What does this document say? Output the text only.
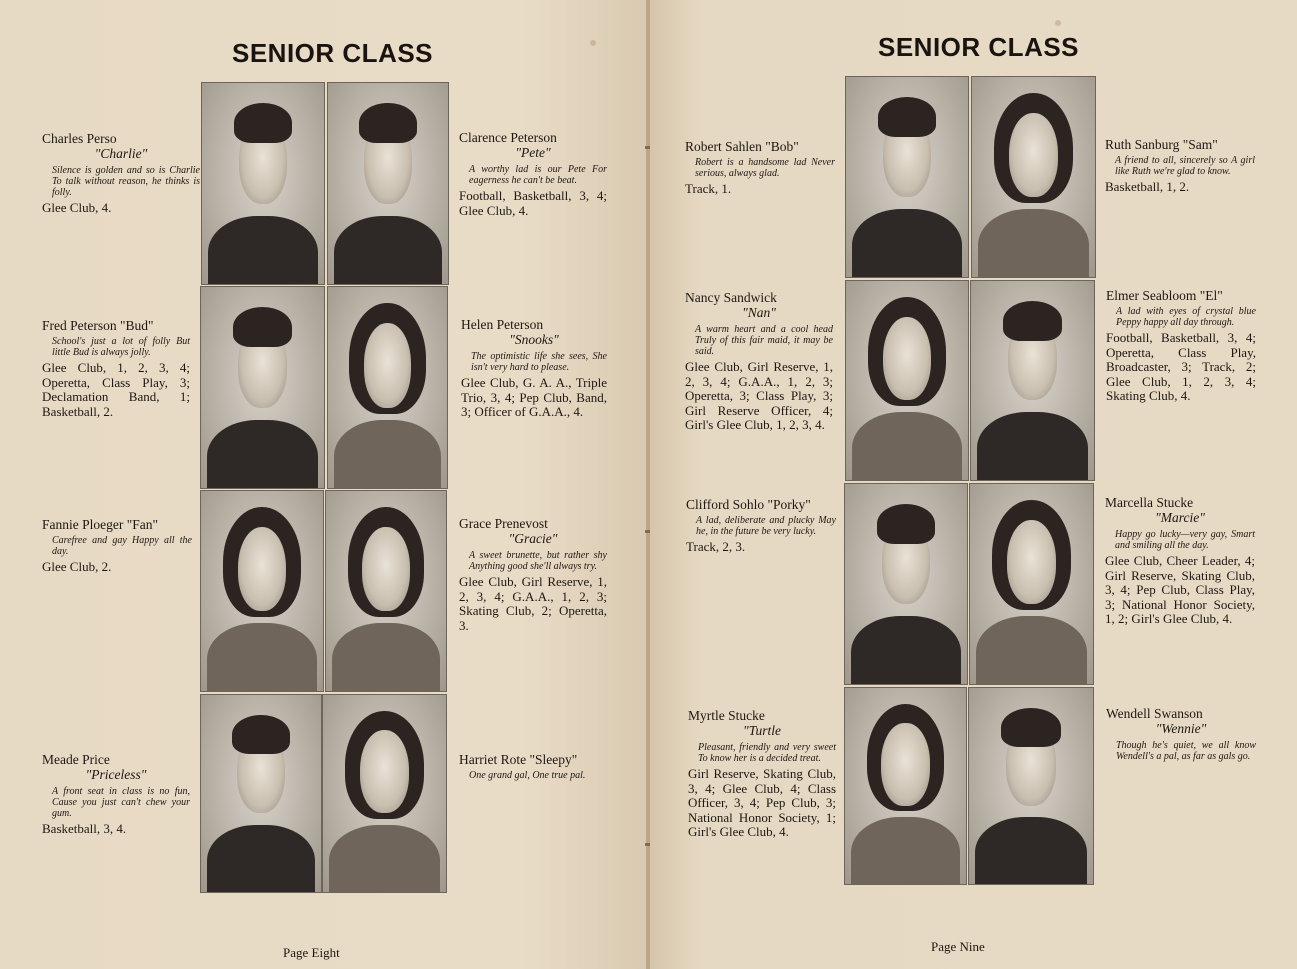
SENIOR CLASS
Charles Perso
"Charlie"
Silence is golden and so is Charlie To talk without reason, he thinks is folly.
Glee Club, 4.
Clarence Peterson
"Pete"
A worthy lad is our Pete For eagerness he can't be beat.
Football, Basketball, 3, 4; Glee Club, 4.
Fred Peterson "Bud"
School's just a lot of folly But little Bud is always jolly.
Glee Club, 1, 2, 3, 4; Operetta, Class Play, 3; Declamation Band, 1; Basketball, 2.
Helen Peterson
"Snooks"
The optimistic life she sees, She isn't very hard to please.
Glee Club, G. A. A., Triple Trio, 3, 4; Pep Club, Band, 3; Officer of G.A.A., 4.
Fannie Ploeger "Fan"
Carefree and gay Happy all the day.
Glee Club, 2.
Grace Prenevost
"Gracie"
A sweet brunette, but rather shy Anything good she'll always try.
Glee Club, Girl Reserve, 1, 2, 3, 4; G.A.A., 1, 2, 3; Skating Club, 2; Operetta, 3.
Meade Price
"Priceless"
A front seat in class is no fun, Cause you just can't chew your gum.
Basketball, 3, 4.
Harriet Rote "Sleepy"
One grand gal, One true pal.
Page Eight
SENIOR CLASS
Robert Sahlen "Bob"
Robert is a handsome lad Never serious, always glad.
Track, 1.
Ruth Sanburg "Sam"
A friend to all, sincerely so A girl like Ruth we're glad to know.
Basketball, 1, 2.
Nancy Sandwick
"Nan"
A warm heart and a cool head Truly of this fair maid, it may be said.
Glee Club, Girl Reserve, 1, 2, 3, 4; G.A.A., 1, 2, 3; Operetta, 3; Class Play, 3; Girl Reserve Officer, 4; Girl's Glee Club, 1, 2, 3, 4.
Elmer Seabloom "El"
A lad with eyes of crystal blue Peppy happy all day through.
Football, Basketball, 3, 4; Operetta, Class Play, Broadcaster, 3; Track, 2; Glee Club, 1, 2, 3, 4; Skating Club, 4.
Clifford Sohlo "Porky"
A lad, deliberate and plucky May he, in the future be very lucky.
Track, 2, 3.
Marcella Stucke
"Marcie"
Happy go lucky—very gay, Smart and smiling all the day.
Glee Club, Cheer Leader, 4; Girl Reserve, Skating Club, 3, 4; Pep Club, Class Play, 3; National Honor Society, 1, 2; Girl's Glee Club, 4.
Myrtle Stucke
"Turtle
Pleasant, friendly and very sweet To know her is a decided treat.
Girl Reserve, Skating Club, 3, 4; Glee Club, 4; Class Officer, 3, 4; Pep Club, 3; National Honor Society, 1; Girl's Glee Club, 4.
Wendell Swanson
"Wennie"
Though he's quiet, we all know Wendell's a pal, as far as gals go.
Page Nine
